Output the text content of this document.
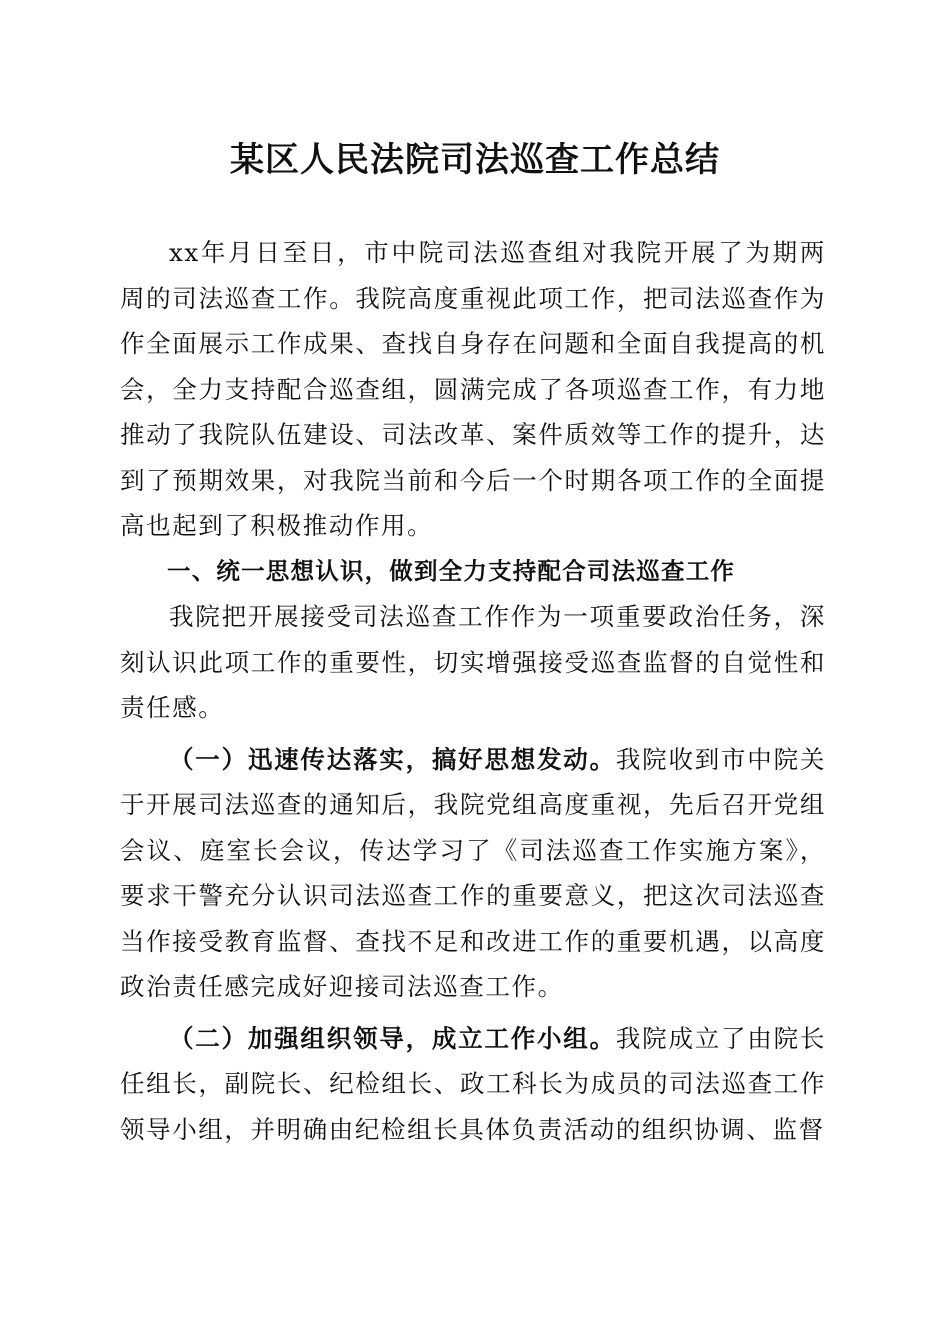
某区人民法院司法巡查工作总结

xx年月日至日，市中院司法巡查组对我院开展了为期两周的司法巡查工作。我院高度重视此项工作，把司法巡查作为作全面展示工作成果、查找自身存在问题和全面自我提高的机会，全力支持配合巡查组，圆满完成了各项巡查工作，有力地推动了我院队伍建设、司法改革、案件质效等工作的提升，达到了预期效果，对我院当前和今后一个时期各项工作的全面提高也起到了积极推动作用。

一、统一思想认识，做到全力支持配合司法巡查工作

我院把开展接受司法巡查工作作为一项重要政治任务，深刻认识此项工作的重要性，切实增强接受巡查监督的自觉性和责任感。

（一）迅速传达落实，搞好思想发动。我院收到市中院关于开展司法巡查的通知后，我院党组高度重视，先后召开党组会议、庭室长会议，传达学习了《司法巡查工作实施方案》，要求干警充分认识司法巡查工作的重要意义，把这次司法巡查当作接受教育监督、查找不足和改进工作的重要机遇，以高度政治责任感完成好迎接司法巡查工作。

（二）加强组织领导，成立工作小组。我院成立了由院长任组长，副院长、纪检组长、政工科长为成员的司法巡查工作领导小组，并明确由纪检组长具体负责活动的组织协调、监督
